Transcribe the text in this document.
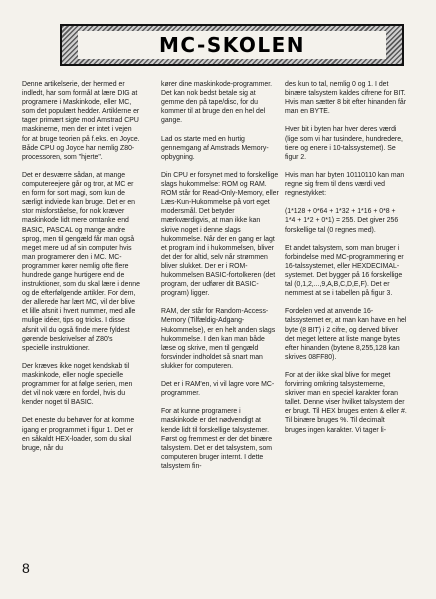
MC-SKOLEN

Denne artikelserie, der hermed er indledt, har som formål at lære DIG at programere i Maskinkode, eller MC, som det populært hedder. Artiklerne er tager primært sigte mod Amstrad CPU maskinerne, men der er intet i vejen for at bruge teorien på f.eks. en Joyce. Både CPU og Joyce har nemlig Z80-processoren, som "hjerte".

Det er desværre sådan, at mange computereejere går og tror, at MC er en form for sort magi, som kun de særligt indviede kan bruge. Det er en stor misforståelse, for nok kræver maskinkode lidt mere omtanke end BASIC, PASCAL og mange andre sprog, men til gengæld får man også meget mere ud af sin computer hvis man programerer den i MC. MC-programmer kører nemlig ofte flere hundrede gange hurtigere end de instruktioner, som du skal lære i denne og de efterfølgende artikler. For dem, der allerede har lært MC, vil der blive et lille afsnit i hvert nummer, med alle mulige idéer, tips og tricks. I disse afsnit vil du også finde mere fyldest gørende beskrivelser af Z80's specielle instruktioner.

Der kræves ikke noget kendskab til maskinkode, eller nogle specielle programmer for at følge serien, men det vil nok være en fordel, hvis du kender noget til BASIC.

Det eneste du behøver for at komme igang er programmet i figur 1. Det er en såkaldt HEX-loader, som du skal bruge, når du

kører dine maskinkode-programmer. Det kan nok bedst betale sig at gemme den på tape/disc, for du kommer til at bruge den en hel del gange.

Lad os starte med en hurtig gennemgang af Amstrads Memory-opbygning.

Din CPU er forsynet med to forskellige slags hukommelse: ROM og RAM. ROM står for Read-Only-Memory, eller Læs-Kun-Hukommelse på vort eget modersmål. Det betyder mærkværdigvis, at man ikke kan skrive noget i denne slags hukommelse. Når der en gang er lagt et program ind i hukommelsen, bliver det der for altid, selv når strømmen bliver slukket. Der er i ROM-hukommelsen BASIC-fortolkeren (det program, der udfører dit BASIC-program) ligger.

RAM, der står for Random-Access-Memory (Tilfældig-Adgang-Hukommelse), er en helt anden slags hukommelse. I den kan man både læse og skrive, men til gengæld forsvinder indholdet så snart man slukker for computeren.

Det er i RAM'en, vi vil lagre vore MC-programmer.

For at kunne programere i maskinkode er det nødvendigt at kende lidt til forskellige talsystemer. Først og fremmest er der det binære talsystem. Det er det talsystem, som computeren bruger internt. I dette talsystem fin-

des kun to tal, nemlig 0 og 1. I det binære talsystem kaldes cifrene for BIT. Hvis man sætter 8 bit efter hinanden får man en BYTE.

Hver bit i byten har hver deres værdi (lige som vi har tusindere, hundredere, tiere og enere i 10-talssystemet). Se figur 2.

Hvis man har byten 10110110 kan man regne sig frem til dens værdi ved regnestykket:

(1*128 + 0*64 + 1*32 + 1*16 + 0*8 + 1*4 + 1*2 + 0*1) = 255. Det giver 256 forskellige tal (0 regnes med).

Et andet talsystem, som man bruger i forbindelse med MC-programmering er 16-talssystemet, eller HEXDECIMAL-systemet. Det bygger på 16 forskellige tal (0,1,2,...,9,A,B,C,D,E,F). Det er nemmest at se i tabellen på figur 3.

Fordelen ved at anvende 16-talssystemet er, at man kan have en hel byte (8 BIT) i 2 cifre, og derved bliver det meget lettere at liste mange bytes efter hinanden (bytene 8,255,128 kan skrives 08FF80).

For at der ikke skal blive for meget forvirring omkring talsystemerne, skriver man en speciel karakter foran tallet. Denne viser hvilket talsystem der er brugt. Til HEX bruges enten & eller #. Til binære bruges %. Til decimalt bruges ingen karakter. Vi tager li-

8
